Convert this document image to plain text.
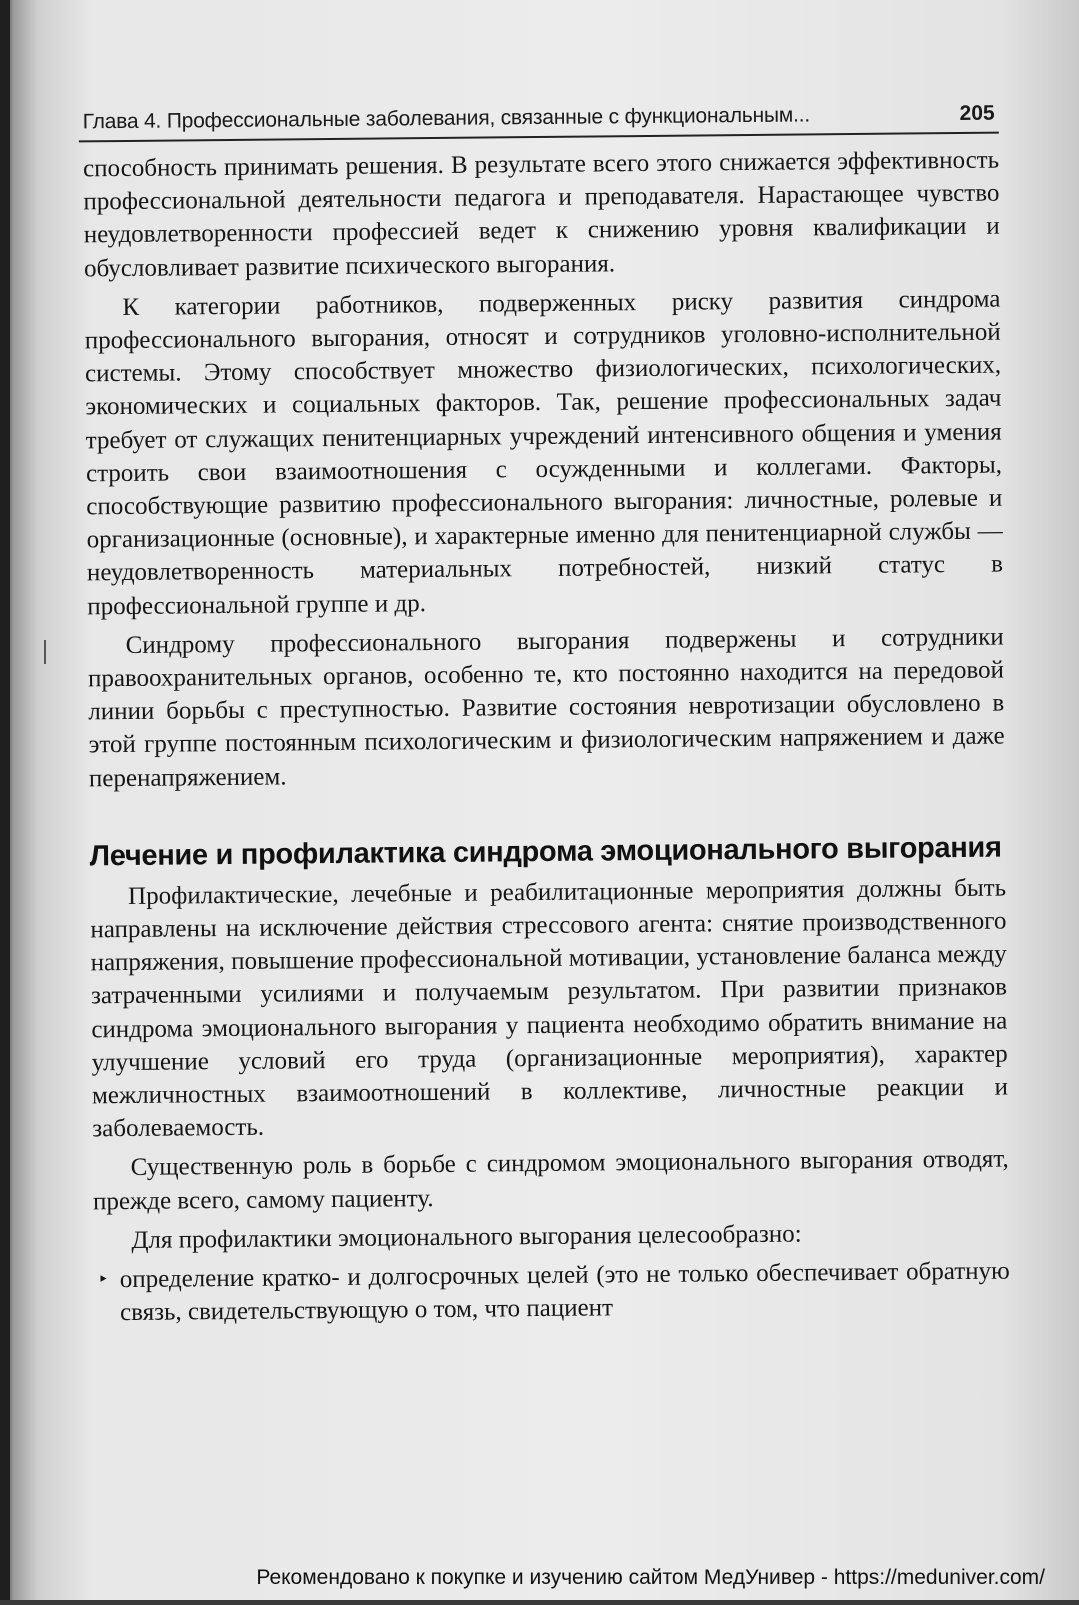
Глава 4. Профессиональные заболевания, связанные с функциональным...	205

способность принимать решения. В результате всего этого снижается эффективность профессиональной деятельности педагога и преподавателя. Нарастающее чувство неудовлетворенности профессией ведет к снижению уровня квалификации и обусловливает развитие психического выгорания.

К категории работников, подверженных риску развития синдрома профессионального выгорания, относят и сотрудников уголовно-исполнительной системы. Этому способствует множество физиологических, психологических, экономических и социальных факторов. Так, решение профессиональных задач требует от служащих пенитенциарных учреждений интенсивного общения и умения строить свои взаимоотношения с осужденными и коллегами. Факторы, способствующие развитию профессионального выгорания: личностные, ролевые и организационные (основные), и характерные именно для пенитенциарной службы — неудовлетворенность материальных потребностей, низкий статус в профессиональной группе и др.

Синдрому профессионального выгорания подвержены и сотрудники правоохранительных органов, особенно те, кто постоянно находится на передовой линии борьбы с преступностью. Развитие состояния невротизации обусловлено в этой группе постоянным психологическим и физиологическим напряжением и даже перенапряжением.

Лечение и профилактика синдрома эмоционального выгорания

Профилактические, лечебные и реабилитационные мероприятия должны быть направлены на исключение действия стрессового агента: снятие производственного напряжения, повышение профессиональной мотивации, установление баланса между затраченными усилиями и получаемым результатом. При развитии признаков синдрома эмоционального выгорания у пациента необходимо обратить внимание на улучшение условий его труда (организационные мероприятия), характер межличностных взаимоотношений в коллективе, личностные реакции и заболеваемость.

Существенную роль в борьбе с синдромом эмоционального выгорания отводят, прежде всего, самому пациенту.

Для профилактики эмоционального выгорания целесообразно:

‣ определение кратко- и долгосрочных целей (это не только обеспечивает обратную связь, свидетельствующую о том, что пациент
Рекомендовано к покупке и изучению сайтом МедУнивер - https://meduniver.com/
